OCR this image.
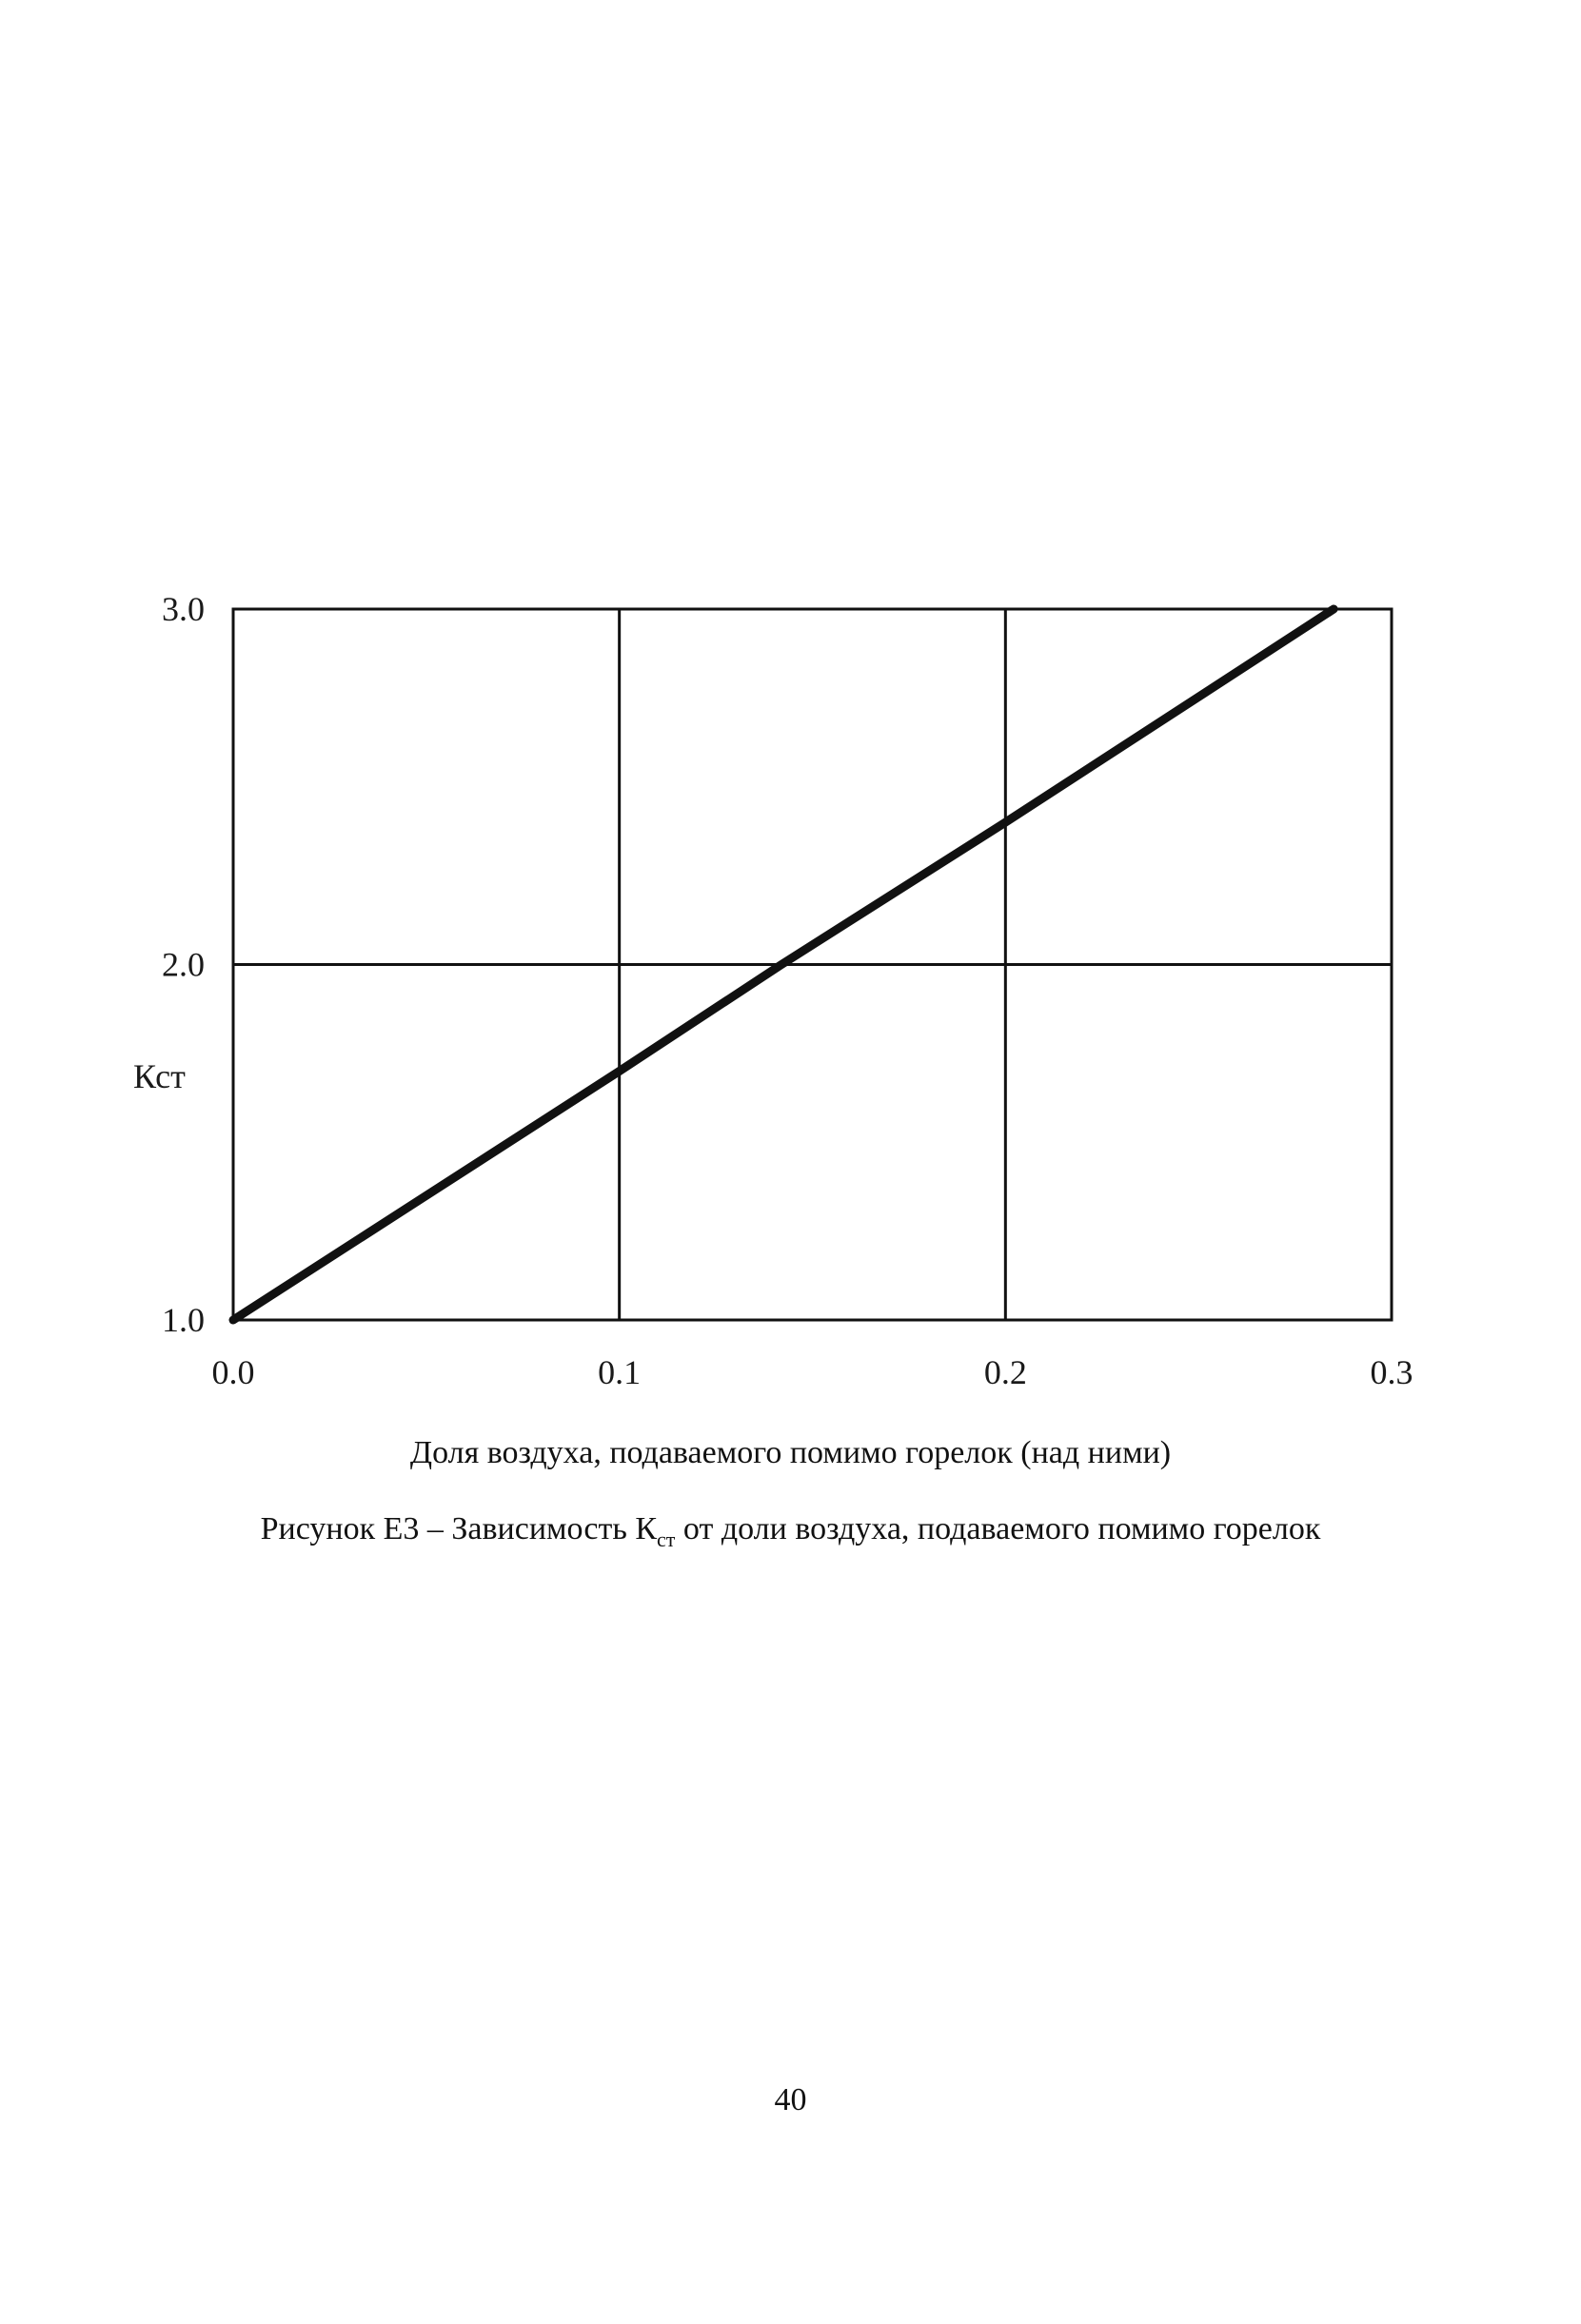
0.0	0.1	0.2	0.3
1.0
2.0
3.0
Кст
Доля воздуха, подаваемого помимо горелок (над ними)
Рисунок Е3 – Зависимость $К_{ст}$ от доли воздуха, подаваемого помимо горелок
40
